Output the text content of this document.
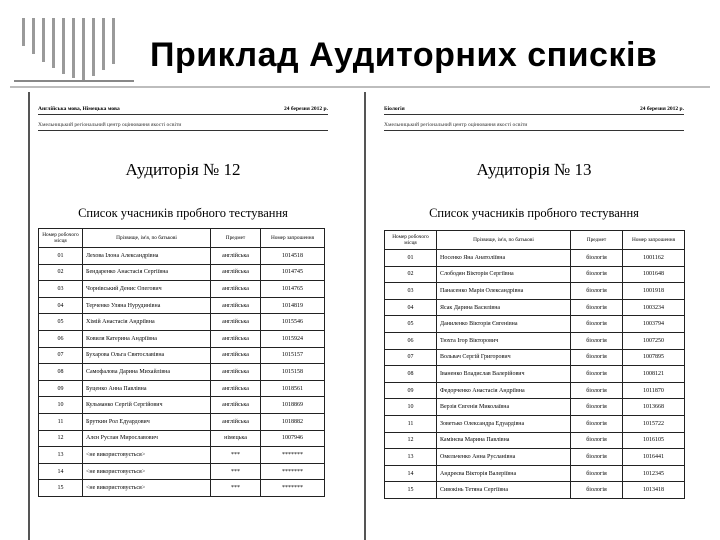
Приклад Аудиторних списків
Англійська мова, Німецька мова	24 березня 2012 р.
Хмельницький регіональний центр оцінювання якості освіти
Аудиторія № 12
Список учасників пробного тестування
Номер робочого місця	Прізвище, ім'я, по батькові	Предмет	Номер запрошення
01	Лехова Ілона Александрівна	англійська	1014518
02	Бендаренко Анастасія Сергіївна	англійська	1014745
03	Чорнівський Денис Олегович	англійська	1014765
04	Терченко Уляна Нурудинівна	англійська	1014819
05	Хімій Анастасія Андріївна	англійська	1015546
06	Ковиля Катерина Андріївна	англійська	1015924
07	Бухарова Ольга Святославівна	англійська	1015157
08	Самофалова Дарина Михайлівна	англійська	1015158
09	Буценко Анна Павлівна	англійська	1018561
10	Кульманко Сергій Сергійович	англійська	1018869
11	Бруткин Рол Едуардович	англійська	1018882
12	Алєн Руслан Мирославович	німецька	1007946
13	<не використовується>	***	*******
14	<не використовується>	***	*******
15	<не використовується>	***	*******
Біологія	24 березня 2012 р.
Хмельницький регіональний центр оцінювання якості освіти
Аудиторія № 13
Список учасників пробного тестування
Номер робочого місця	Прізвище, ім'я, по батькові	Предмет	Номер запрошення
01	Носенко Яна Анатоліївна	біологія	1001162
02	Слободян Вікторія Сергіївна	біологія	1001648
03	Панасенко Марія Олександрівна	біологія	1001918
04	Ясак Дарина Василівна	біологія	1003234
05	Даниленко Вікторія Євгенівна	біологія	1003794
06	Тюхта Ігор Вікторович	біологія	1007250
07	Вольвач Сергій Григорович	біологія	1007895
08	Іваненко Владислав Валерійович	біологія	1008121
09	Федорченко Анастасія Андріївна	біологія	1011870
10	Верзія Євгенія Миколаївна	біологія	1013668
11	Зоветько Олександра Едуардівна	біологія	1015722
12	Камінєва Марина Павлівна	біологія	1016105
13	Омельченко Анна Русланівна	біологія	1016441
14	Андреєва Вікторія Валеріївна	біологія	1012345
15	Сивокінь Тетяна Сергіївна	біологія	1013418
